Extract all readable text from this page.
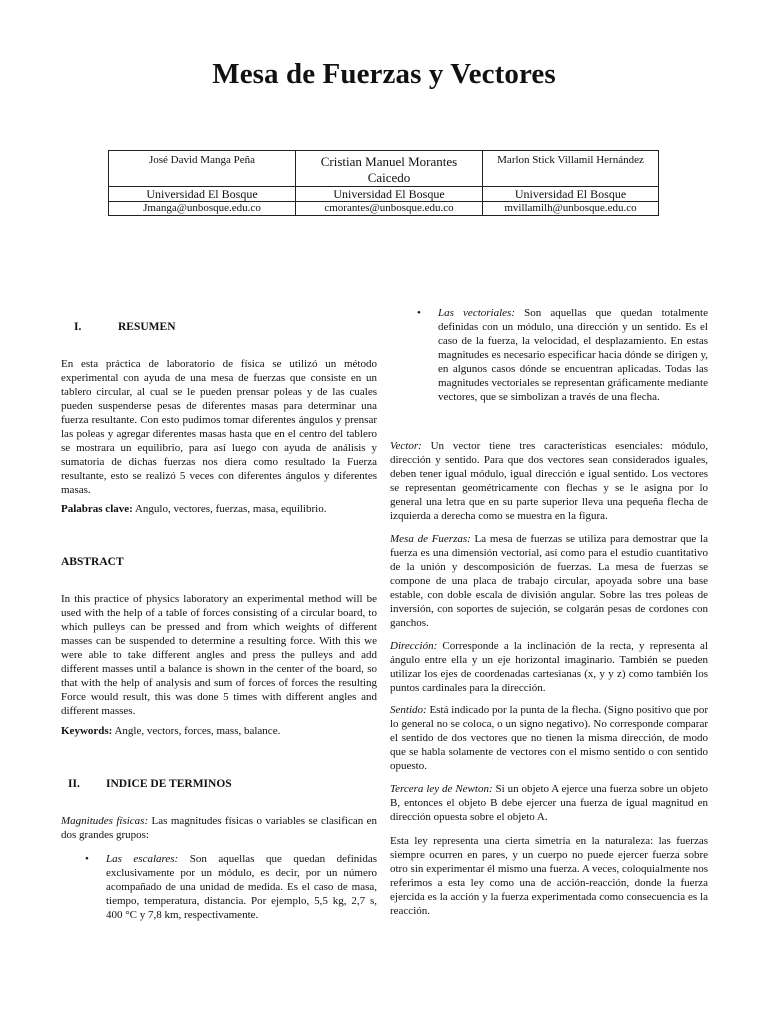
Mesa de Fuerzas y Vectores
José David Manga Peña	Cristian Manuel Morantes Caicedo	Marlon Stick Villamil Hernández
Universidad El Bosque	Universidad El Bosque	Universidad El Bosque
Jmanga@unbosque.edu.co	cmorantes@unbosque.edu.co	mvillamilh@unbosque.edu.co
I.	RESUMEN
En esta práctica de laboratorio de física se utilizó un método experimental con ayuda de una mesa de fuerzas que consiste en un tablero circular, al cual se le pueden prensar poleas y de las cuales pueden suspenderse pesas de diferentes masas para determinar una fuerza resultante. Con esto pudimos tomar diferentes ángulos y prensar las poleas y agregar diferentes masas hasta que en el centro del tablero se mostrara un equilibrio, para así luego con ayuda de análisis y sumatoria de dichas fuerzas nos diera como resultado la Fuerza resultante, esto se realizó 5 veces con diferentes ángulos y diferentes masas.
Palabras clave: Angulo, vectores, fuerzas, masa, equilibrio.
ABSTRACT
In this practice of physics laboratory an experimental method will be used with the help of a table of forces consisting of a circular board, to which pulleys can be pressed and from which weights of different masses can be suspended to determine a resulting force. With this we were able to take different angles and press the pulleys and add different masses until a balance is shown in the center of the board, so that with the help of analysis and sum of forces of forces the resulting Force would result, this was done 5 times with different angles and different masses.
Keywords: Angle, vectors, forces, mass, balance.
II. INDICE DE TERMINOS
Magnitudes físicas: Las magnitudes físicas o variables se clasifican en dos grandes grupos:
• Las escalares: Son aquellas que quedan definidas exclusivamente por un módulo, es decir, por un número acompañado de una unidad de medida. Es el caso de masa, tiempo, temperatura, distancia. Por ejemplo, 5,5 kg, 2,7 s, 400 °C y 7,8 km, respectivamente.
• Las vectoriales: Son aquellas que quedan totalmente definidas con un módulo, una dirección y un sentido. Es el caso de la fuerza, la velocidad, el desplazamiento. En estas magnitudes es necesario especificar hacia dónde se dirigen y, en algunos casos dónde se encuentran aplicadas. Todas las magnitudes vectoriales se representan gráficamente mediante vectores, que se simbolizan a través de una flecha.
Vector: Un vector tiene tres características esenciales: módulo, dirección y sentido. Para que dos vectores sean considerados iguales, deben tener igual módulo, igual dirección e igual sentido. Los vectores se representan geométricamente con flechas y se le asigna por lo general una letra que en su parte superior lleva una pequeña flecha de izquierda a derecha como se muestra en la figura.
Mesa de Fuerzas: La mesa de fuerzas se utiliza para demostrar que la fuerza es una dimensión vectorial, así como para el estudio cuantitativo de la unión y descomposición de fuerzas. La mesa de fuerzas se compone de una placa de trabajo circular, apoyada sobre una base estable, con doble escala de división angular. Sobre las tres poleas de inversión, con soportes de sujeción, se colgarán pesas de cordones con ganchos.
Dirección: Corresponde a la inclinación de la recta, y representa al ángulo entre ella y un eje horizontal imaginario. También se pueden utilizar los ejes de coordenadas cartesianas (x, y y z) como también los puntos cardinales para la dirección.
Sentido: Está indicado por la punta de la flecha. (Signo positivo que por lo general no se coloca, o un signo negativo). No corresponde comparar el sentido de dos vectores que no tienen la misma dirección, de modo que se habla solamente de vectores con el mismo sentido o con sentido opuesto.
Tercera ley de Newton: Si un objeto A ejerce una fuerza sobre un objeto B, entonces el objeto B debe ejercer una fuerza de igual magnitud en dirección opuesta sobre el objeto A.
Esta ley representa una cierta simetría en la naturaleza: las fuerzas siempre ocurren en pares, y un cuerpo no puede ejercer fuerza sobre otro sin experimentar él mismo una fuerza. A veces, coloquialmente nos referimos a esta ley como una de acción-reacción, donde la fuerza ejercida es la acción y la fuerza experimentada como consecuencia es la reacción.
